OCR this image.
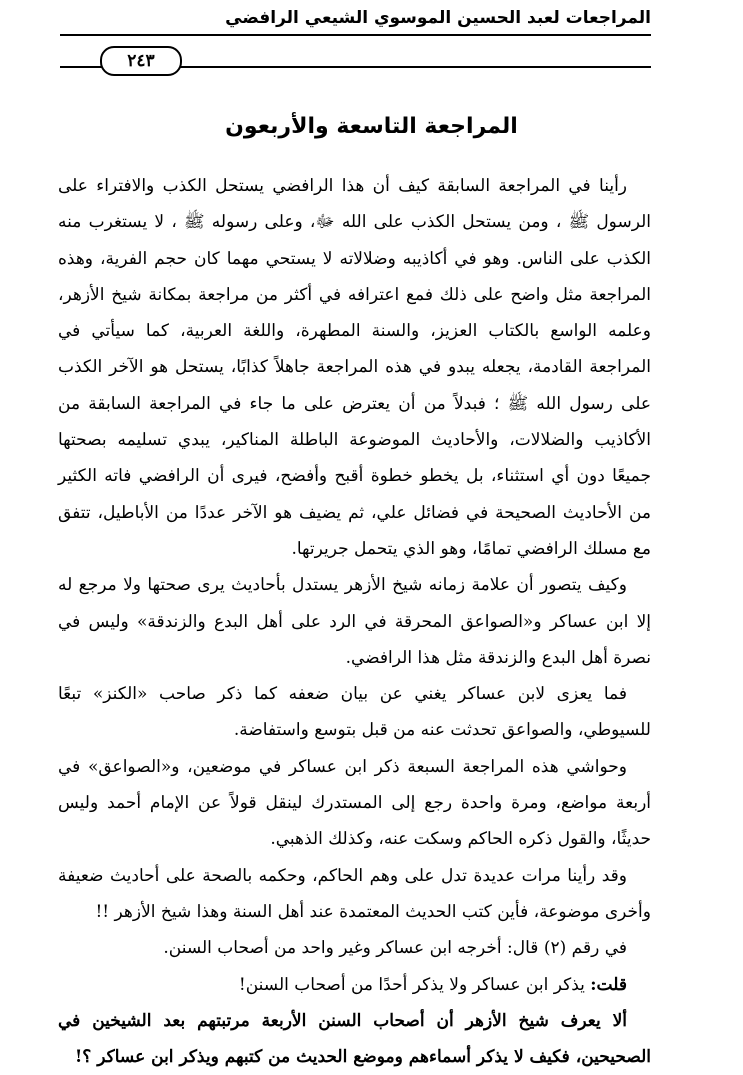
المراجعات لعبد الحسين الموسوي الشيعي الرافضي
٢٤٣
المراجعة التاسعة والأربعون

رأينا في المراجعة السابقة كيف أن هذا الرافضي يستحل الكذب والافتراء على الرسول ﷺ ، ومن يستحل الكذب على الله ﷻ، وعلى رسوله ﷺ ، لا يستغرب منه الكذب على الناس. وهو في أكاذيبه وضلالاته لا يستحي مهما كان حجم الفرية، وهذه المراجعة مثل واضح على ذلك فمع اعترافه في أكثر من مراجعة بمكانة شيخ الأزهر، وعلمه الواسع بالكتاب العزيز، والسنة المطهرة، واللغة العربية، كما سيأتي في المراجعة القادمة، يجعله يبدو في هذه المراجعة جاهلاً كذابًا، يستحل هو الآخر الكذب على رسول الله ﷺ ؛ فبدلاً من أن يعترض على ما جاء في المراجعة السابقة من الأكاذيب والضلالات، والأحاديث الموضوعة الباطلة المناكير، يبدي تسليمه بصحتها جميعًا دون أي استثناء، بل يخطو خطوة أقبح وأفضح، فيرى أن الرافضي فاته الكثير من الأحاديث الصحيحة في فضائل علي، ثم يضيف هو الآخر عددًا من الأباطيل، تتفق مع مسلك الرافضي تمامًا، وهو الذي يتحمل جريرتها.

وكيف يتصور أن علامة زمانه شيخ الأزهر يستدل بأحاديث يرى صحتها ولا مرجع له إلا ابن عساكر و«الصواعق المحرقة في الرد على أهل البدع والزندقة» وليس في نصرة أهل البدع والزندقة مثل هذا الرافضي.

فما يعزى لابن عساكر يغني عن بيان ضعفه كما ذكر صاحب «الكنز» تبعًا للسيوطي، والصواعق تحدثت عنه من قبل بتوسع واستفاضة.

وحواشي هذه المراجعة السبعة ذكر ابن عساكر في موضعين، و«الصواعق» في أربعة مواضع، ومرة واحدة رجع إلى المستدرك لينقل قولاً عن الإمام أحمد وليس حديثًا، والقول ذكره الحاكم وسكت عنه، وكذلك الذهبي.

وقد رأينا مرات عديدة تدل على وهم الحاكم، وحكمه بالصحة على أحاديث ضعيفة وأخرى موضوعة، فأين كتب الحديث المعتمدة عند أهل السنة وهذا شيخ الأزهر !!

في رقم (٢) قال: أخرجه ابن عساكر وغير واحد من أصحاب السنن.

قلت: يذكر ابن عساكر ولا يذكر أحدًا من أصحاب السنن!

ألا يعرف شيخ الأزهر أن أصحاب السنن الأربعة مرتبتهم بعد الشيخين في الصحيحين، فكيف لا يذكر أسماءهم وموضع الحديث من كتبهم ويذكر ابن عساكر ؟!
